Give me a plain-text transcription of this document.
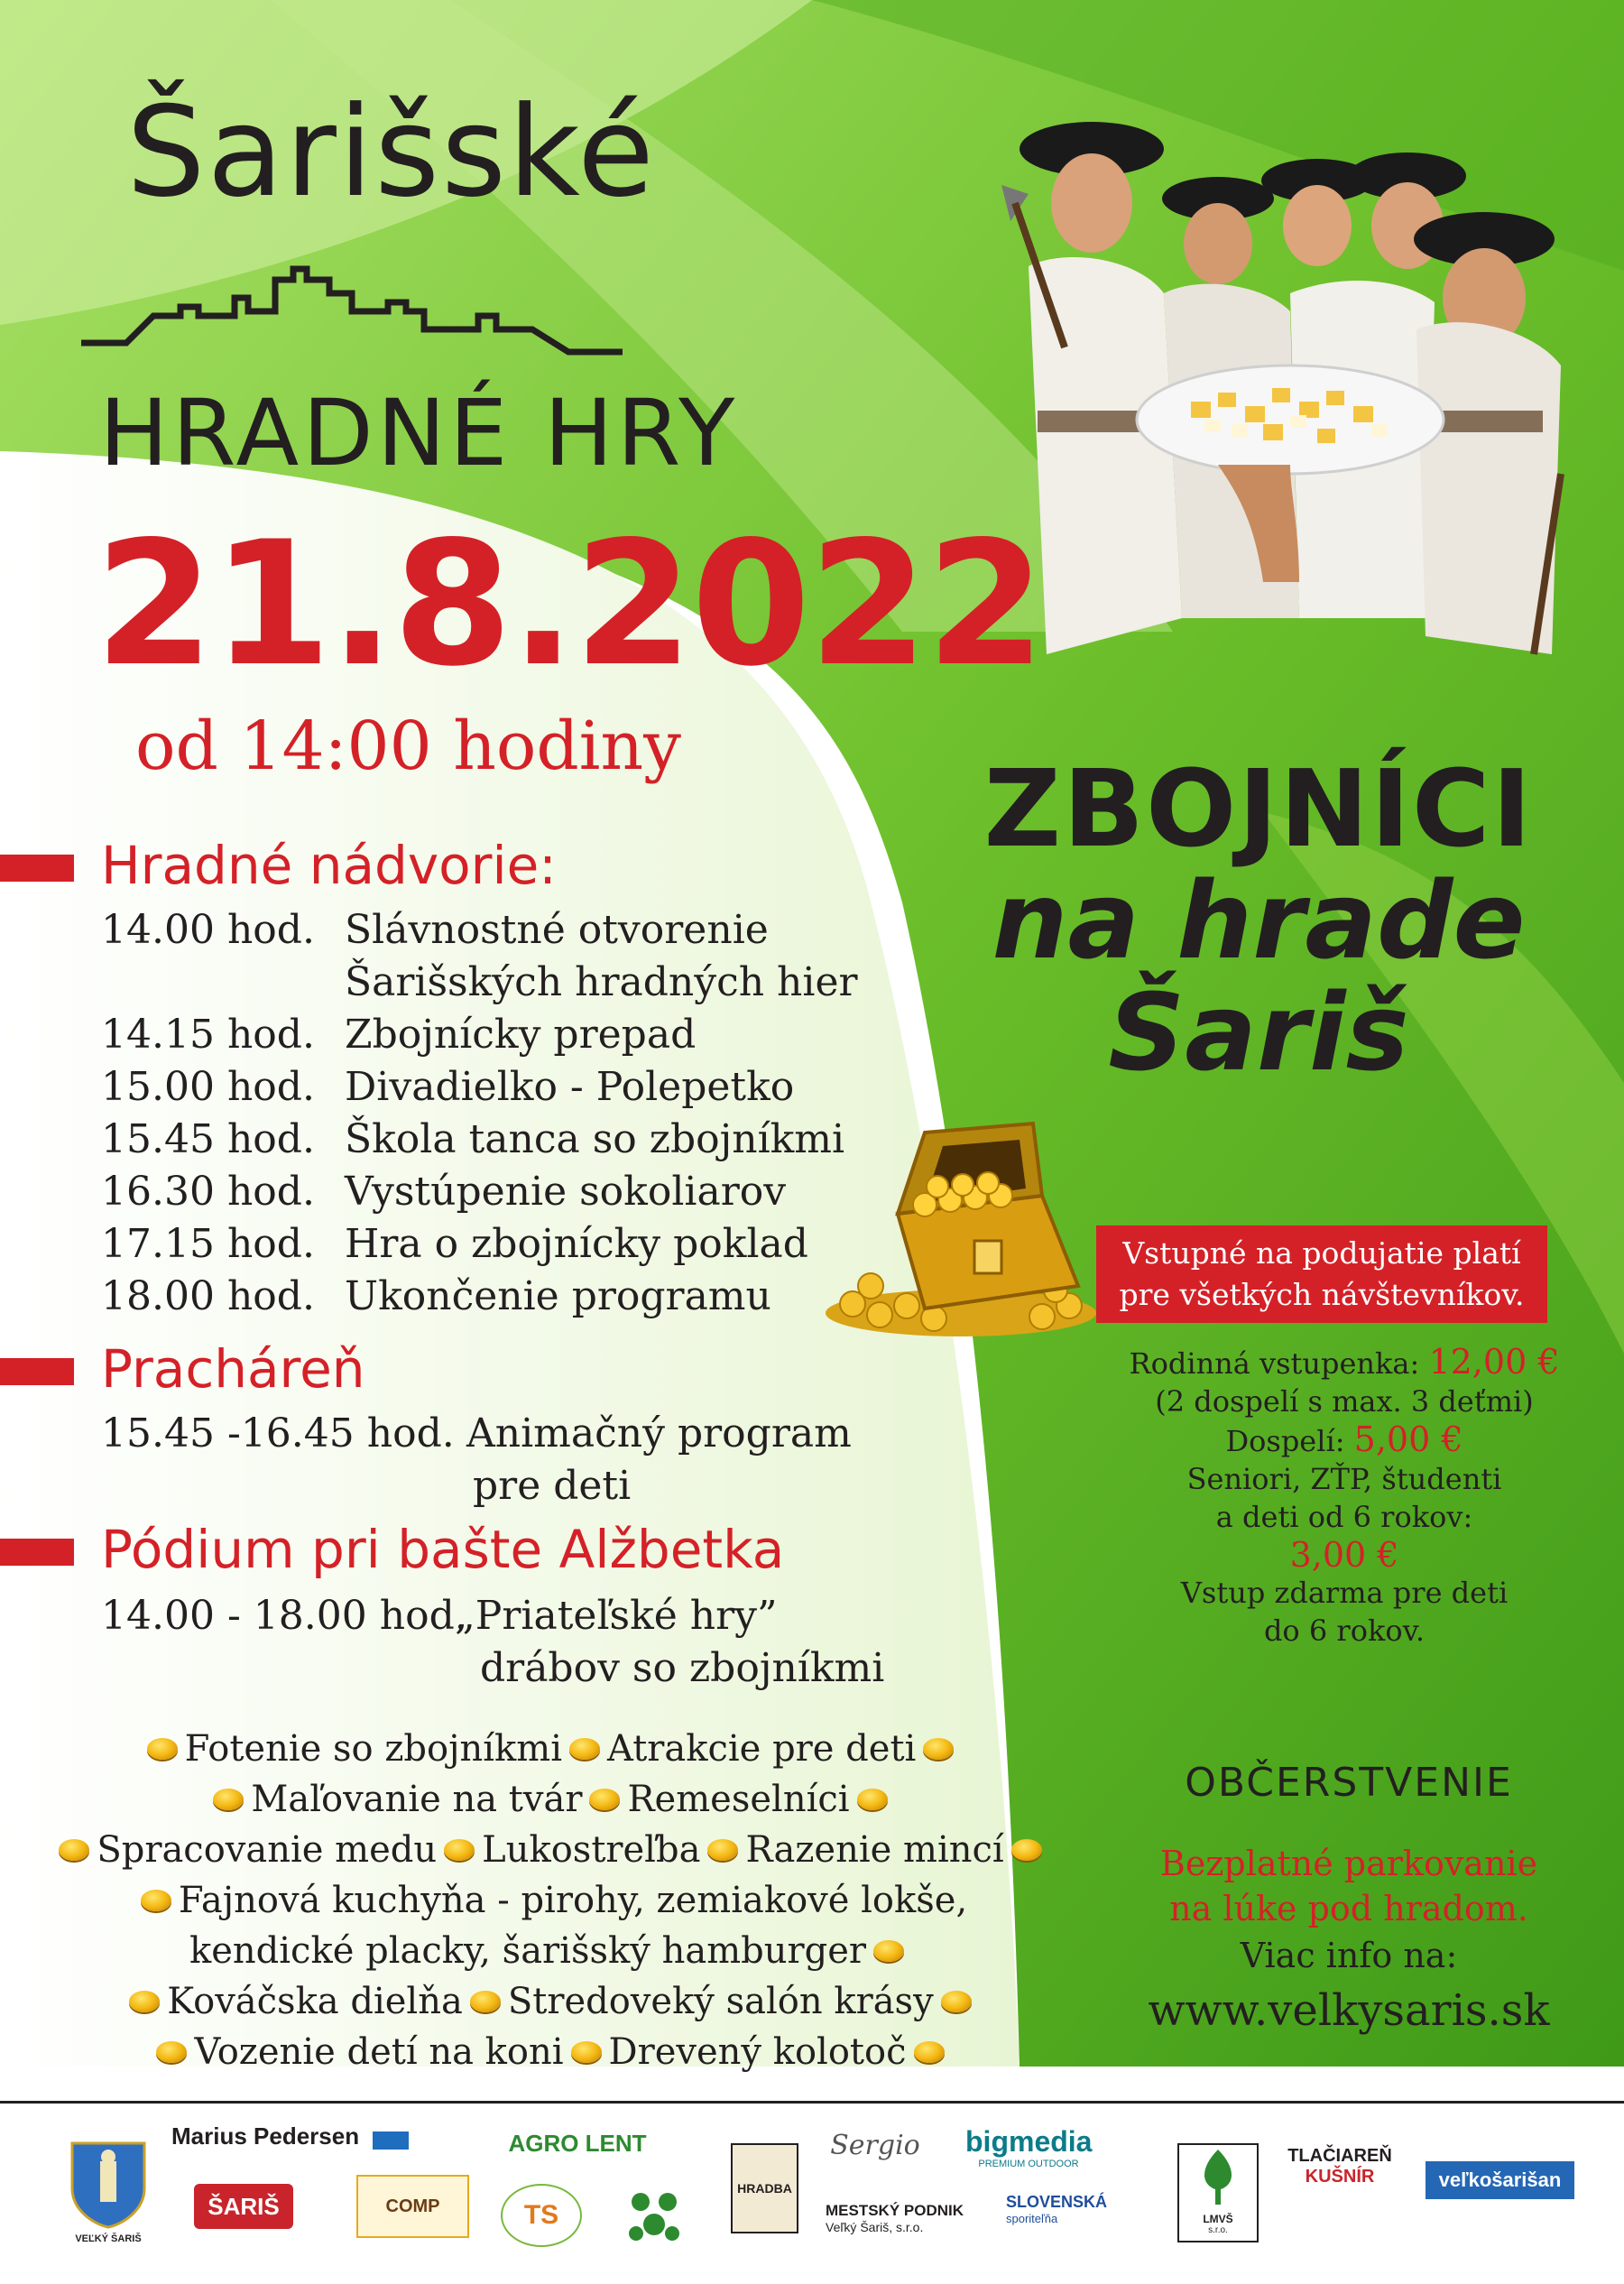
Šarišské
HRADNÉ HRY
21.8.2022
od 14:00 hodiny	ZBOJNÍCI
na hrade
Šariš
Hradné nádvorie:
14.00 hod. Slávnostné otvorenie
Šarišských hradných hier
14.15 hod. Zbojnícky prepad
15.00 hod. Divadielko - Polepetko
15.45 hod. Škola tanca so zbojníkmi
16.30 hod. Vystúpenie sokoliarov
17.15 hod. Hra o zbojnícky poklad
18.00 hod. Ukončenie programu
Pracháreň
15.45 -16.45 hod. Animačný program
pre deti
Pódium pri bašte Alžbetka
14.00 - 18.00 hod.
„Priateľské hry”
drábov so zbojníkmi
Vstupné na podujatie platí
pre všetkých návštevníkov.
Rodinná vstupenka: 12,00 €
(2 dospelí s max. 3 deťmi)
Dospelí: 5,00 €
Seniori, ZŤP, študenti
a deti od 6 rokov:
3,00 €
Vstup zdarma pre deti
do 6 rokov.
OBČERSTVENIE
Bezplatné parkovanie
na lúke pod hradom.
Viac info na:
www.velkysaris.sk
Fotenie so zbojníkmi Atrakcie pre deti
Maľovanie na tvár Remeselníci
Spracovanie medu Lukostreľba Razenie mincí
Fajnová kuchyňa - pirohy, zemiakové lokše,
kendické placky, šarišský hamburger
Kováčska dielňa Stredoveký salón krásy
Vozenie detí na koni Drevený kolotoč
VEĽKÝ ŠARIŠ
Marius Pedersen
ŠARIŠ	COMP
AGRO LENT
TS
HRADBA
Sergio
MESTSKÝ PODNIK
Veľký Šariš, s.r.o.
bigmedia
PREMIUM OUTDOOR
SLOVENSKÁ
sporiteľňa	LMVŠ
s.r.o.
TLAČIAREŇ
KUŠNÍR	veľkošarišan
